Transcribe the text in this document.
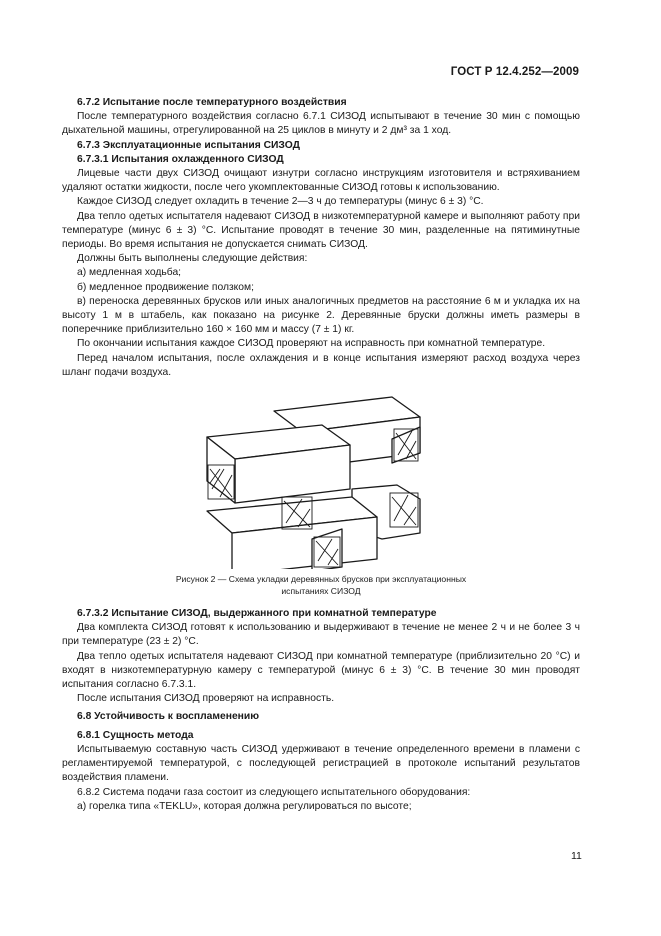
ГОСТ Р 12.4.252—2009
6.7.2 Испытание после температурного воздействия
После температурного воздействия согласно 6.7.1 СИЗОД испытывают в течение 30 мин с помощью дыхательной машины, отрегулированной на 25 циклов в минуту и 2 дм³ за 1 ход.
6.7.3 Эксплуатационные испытания СИЗОД
6.7.3.1 Испытания охлажденного СИЗОД
Лицевые части двух СИЗОД очищают изнутри согласно инструкциям изготовителя и встряхиванием удаляют остатки жидкости, после чего укомплектованные СИЗОД готовы к использованию.
Каждое СИЗОД следует охладить в течение 2—3 ч до температуры (минус 6 ± 3) °С.
Два тепло одетых испытателя надевают СИЗОД в низкотемпературной камере и выполняют работу при температуре (минус 6 ± 3) °С. Испытание проводят в течение 30 мин, разделенные на пятиминутные периоды. Во время испытания не допускается снимать СИЗОД.
Должны быть выполнены следующие действия:
а) медленная ходьба;
б) медленное продвижение ползком;
в) переноска деревянных брусков или иных аналогичных предметов на расстояние 6 м и укладка их на высоту 1 м в штабель, как показано на рисунке 2. Деревянные бруски должны иметь размеры в поперечнике приблизительно 160 × 160 мм и массу (7 ± 1) кг.
По окончании испытания каждое СИЗОД проверяют на исправность при комнатной температуре.
Перед началом испытания, после охлаждения и в конце испытания измеряют расход воздуха через шланг подачи воздуха.
Рисунок 2 — Схема укладки деревянных брусков при эксплуатационных
испытаниях СИЗОД
6.7.3.2 Испытание СИЗОД, выдержанного при комнатной температуре
Два комплекта СИЗОД готовят к использованию и выдерживают в течение не менее 2 ч и не более 3 ч при температуре (23 ± 2) °С.
Два тепло одетых испытателя надевают СИЗОД при комнатной температуре (приблизительно 20 °С) и входят в низкотемпературную камеру с температурой (минус 6 ± 3) °С. В течение 30 мин проводят испытания согласно 6.7.3.1.
После испытания СИЗОД проверяют на исправность.
6.8 Устойчивость к воспламенению
6.8.1 Сущность метода
Испытываемую составную часть СИЗОД удерживают в течение определенного времени в пламени с регламентируемой температурой, с последующей регистрацией в протоколе испытаний результатов воздействия пламени.
6.8.2 Система подачи газа состоит из следующего испытательного оборудования:
а) горелка типа «TEKLU», которая должна регулироваться по высоте;
11
